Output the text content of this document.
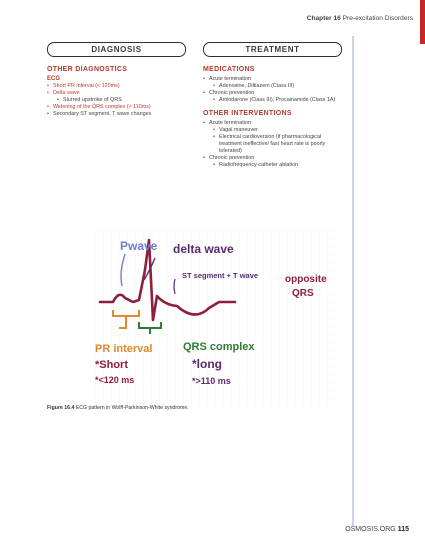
Chapter 16 Pre-excitation Disorders
DIAGNOSIS	TREATMENT
OTHER DIAGNOSTICS
ECG
• Short PR interval (< 120ms)
• Delta wave
• Slurred upstroke of QRS
• Widening of the QRS complex (> 110ms)
• Secondary ST segment, T wave changes
MEDICATIONS
• Acute termination
• Adenosine, Diltiazem (Class III)
• Chronic prevention
• Amiodarone (Class III), Procainamide (Class 1A)
OTHER INTERVENTIONS
• Acute termination
• Vagal maneuver
• Electrical cardioversion (if pharmacological treatment ineffective/ fast heart rate is poorly tolerated)
• Chronic prevention
• Radiofrequency catheter ablation
Pwave delta wave
ST segment + T wave	opposite
QRS
PR interval
*Short
*<120 ms
QRS complex
*long
*>110 ms
Figure 16.4 ECG pattern in Wolff-Parkinson-White syndrome.
OSMOSIS.ORG 115
